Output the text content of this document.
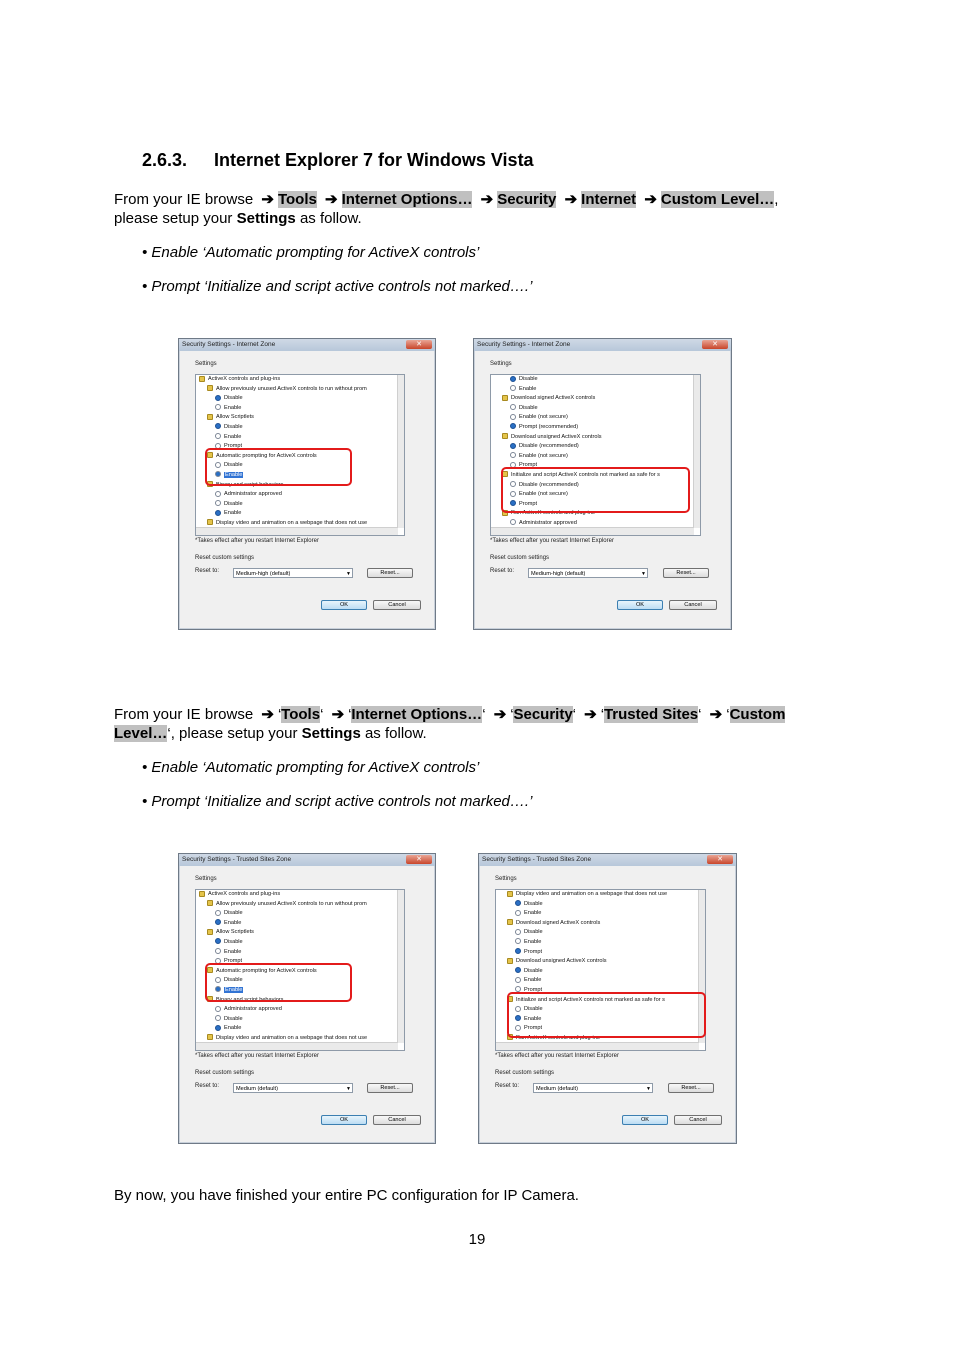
2.6.3. Internet Explorer 7 for Windows Vista
From your IE browse ➔ Tools ➔ Internet Options… ➔ Security ➔ Internet ➔ Custom Level…,
please setup your Settings as follow.
• Enable ‘Automatic prompting for ActiveX controls’
• Prompt ‘Initialize and script active controls not marked….’
From your IE browse ➔ ‘Tools‘ ➔ ‘Internet Options…‘ ➔ ‘Security‘ ➔ ‘Trusted Sites‘ ➔ ‘Custom Level…‘, please setup your Settings as follow.
• Enable ‘Automatic prompting for ActiveX controls’
• Prompt ‘Initialize and script active controls not marked….’
Security Settings - Internet Zone	✕
Settings
ActiveX controls and plug-ins
Allow previously unused ActiveX controls to run without prom
Disable
Enable
Allow Scriptlets
Disable
Enable
Prompt
Automatic prompting for ActiveX controls
Disable
Enable
Binary and script behaviors
Administrator approved
Disable
Enable
Display video and animation on a webpage that does not use
*Takes effect after you restart Internet Explorer
Reset custom settings
Reset to:	Medium-high (default)	▼	Reset...
OK	Cancel
Security Settings - Internet Zone	✕
Settings
Disable
Enable
Download signed ActiveX controls
Disable
Enable (not secure)
Prompt (recommended)
Download unsigned ActiveX controls
Disable (recommended)
Enable (not secure)
Prompt
Initialize and script ActiveX controls not marked as safe for s
Disable (recommended)
Enable (not secure)
Prompt
Run ActiveX controls and plug-ins
Administrator approved
*Takes effect after you restart Internet Explorer
Reset custom settings
Reset to:	Medium-high (default)	▼	Reset...
OK	Cancel
Security Settings - Trusted Sites Zone	✕
Settings
ActiveX controls and plug-ins
Allow previously unused ActiveX controls to run without prom
Disable
Enable
Allow Scriptlets
Disable
Enable
Prompt
Automatic prompting for ActiveX controls
Disable
Enable
Binary and script behaviors
Administrator approved
Disable
Enable
Display video and animation on a webpage that does not use
*Takes effect after you restart Internet Explorer
Reset custom settings
Reset to:	Medium (default)	▼	Reset...
OK	Cancel
Security Settings - Trusted Sites Zone	✕
Settings
Display video and animation on a webpage that does not use
Disable
Enable
Download signed ActiveX controls
Disable
Enable
Prompt
Download unsigned ActiveX controls
Disable
Enable
Prompt
Initialize and script ActiveX controls not marked as safe for s
Disable
Enable
Prompt
Run ActiveX controls and plug-ins
*Takes effect after you restart Internet Explorer
Reset custom settings
Reset to:	Medium (default)	▼	Reset...
OK	Cancel
By now, you have finished your entire PC configuration for IP Camera.
19
